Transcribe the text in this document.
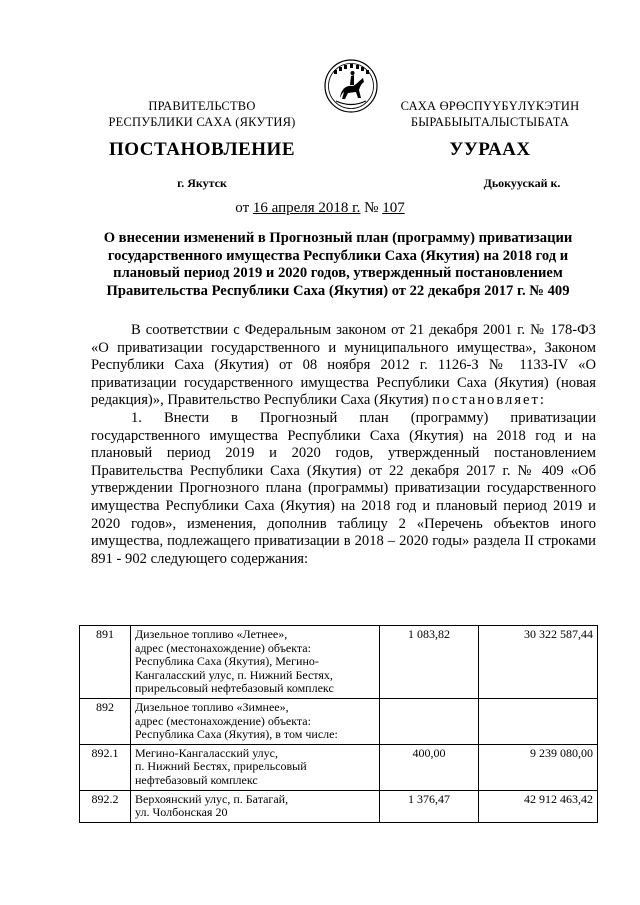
ПРАВИТЕЛЬСТВО
РЕСПУБЛИКИ САХА (ЯКУТИЯ)
САХА ӨРӨСПҮҮБҮЛҮКЭТИН
БЫРАБЫЫТАЛЫСТЫБАТА
ПОСТАНОВЛЕНИЕ	УУРААХ
г. Якутск	Дьокуускай к.
от 16 апреля 2018 г. № 107
О внесении изменений в Прогнозный план (программу) приватизации государственного имущества Республики Саха (Якутия) на 2018 год и плановый период 2019 и 2020 годов, утвержденный постановлением Правительства Республики Саха (Якутия) от 22 декабря 2017 г. № 409

В соответствии с Федеральным законом от 21 декабря 2001 г. № 178-ФЗ «О приватизации государственного и муниципального имущества», Законом Республики Саха (Якутия) от 08 ноября 2012 г. 1126-З № 1133-IV «О приватизации государственного имущества Республики Саха (Якутия) (новая редакция)», Правительство Республики Саха (Якутия) постановляет:

1. Внести в Прогнозный план (программу) приватизации государственного имущества Республики Саха (Якутия) на 2018 год и на плановый период 2019 и 2020 годов, утвержденный постановлением Правительства Республики Саха (Якутия) от 22 декабря 2017 г. № 409 «Об утверждении Прогнозного плана (программы) приватизации государственного имущества Республики Саха (Якутия) на 2018 год и плановый период 2019 и 2020 годов», изменения, дополнив таблицу 2 «Перечень объектов иного имущества, подлежащего приватизации в 2018 – 2020 годы» раздела II строками 891 - 902 следующего содержания:

891	Дизельное топливо «Летнее»,
адрес (местонахождение) объекта:
Республика Саха (Якутия), Мегино-
Кангаласский улус, п. Нижний Бестях,
прирельсовый нефтебазовый комплекс	1 083,82	30 322 587,44
892	Дизельное топливо «Зимнее»,
адрес (местонахождение) объекта:
Республика Саха (Якутия), в том числе:		

892.1	Мегино-Кангаласский улус,
п. Нижний Бестях, прирельсовый
нефтебазовый комплекс	400,00	9 239 080,00
892.2	Верхоянский улус, п. Батагай,
ул. Чолбонская 20	1 376,47	42 912 463,42
